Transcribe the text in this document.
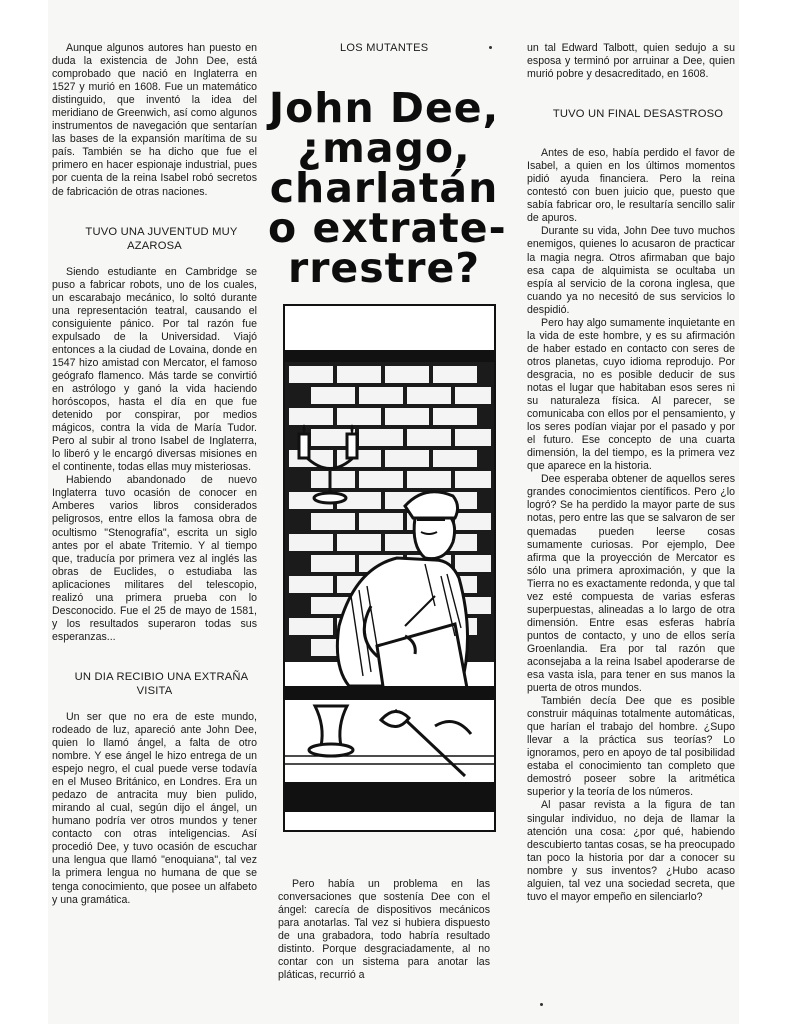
Aunque algunos autores han puesto en duda la existencia de John Dee, está comprobado que nació en Inglaterra en 1527 y murió en 1608. Fue un matemático distinguido, que inventó la idea del meridiano de Greenwich, así como algunos instrumentos de navegación que sentarían las bases de la expansión marítima de su país. También se ha dicho que fue el primero en hacer espionaje industrial, pues por cuenta de la reina Isabel robó secretos de fabricación de otras naciones.

TUVO UNA JUVENTUD MUY AZAROSA

Siendo estudiante en Cambridge se puso a fabricar robots, uno de los cuales, un escarabajo mecánico, lo soltó durante una representación teatral, causando el consiguiente pánico. Por tal razón fue expulsado de la Universidad. Viajó entonces a la ciudad de Lovaina, donde en 1547 hizo amistad con Mercator, el famoso geógrafo flamenco. Más tarde se convirtió en astrólogo y ganó la vida haciendo horóscopos, hasta el día en que fue detenido por conspirar, por medios mágicos, contra la vida de María Tudor. Pero al subir al trono Isabel de Inglaterra, lo liberó y le encargó diversas misiones en el continente, todas ellas muy misteriosas.

Habiendo abandonado de nuevo Inglaterra tuvo ocasión de conocer en Amberes varios libros considerados peligrosos, entre ellos la famosa obra de ocultismo "Stenografía", escrita un siglo antes por el abate Tritemio. Y al tiempo que, traducía por primera vez al inglés las obras de Euclides, o estudiaba las aplicaciones militares del telescopio, realizó una primera prueba con lo Desconocido. Fue el 25 de mayo de 1581, y los resultados superaron todas sus esperanzas...

UN DIA RECIBIO UNA EXTRAÑA VISITA

Un ser que no era de este mundo, rodeado de luz, apareció ante John Dee, quien lo llamó ángel, a falta de otro nombre. Y ese ángel le hizo entrega de un espejo negro, el cual puede verse todavía en el Museo Británico, en Londres. Era un pedazo de antracita muy bien pulido, mirando al cual, según dijo el ángel, un humano podría ver otros mundos y tener contacto con otras inteligencias. Así procedió Dee, y tuvo ocasión de escuchar una lengua que llamó "enoquiana", tal vez la primera lengua no humana de que se tenga conocimiento, que posee un alfabeto y una gramática.

LOS MUTANTES
John Dee,
¿mago,
charlatán
o extrate-
rrestre?

Pero había un problema en las conversaciones que sostenía Dee con el ángel: carecía de dispositivos mecánicos para anotarlas. Tal vez si hubiera dispuesto de una grabadora, todo habría resultado distinto. Porque desgraciadamente, al no contar con un sistema para anotar las pláticas, recurrió a

un tal Edward Talbott, quien sedujo a su esposa y terminó por arruinar a Dee, quien murió pobre y desacreditado, en 1608.

TUVO UN FINAL DESASTROSO

Antes de eso, había perdido el favor de Isabel, a quien en los últimos momentos pidió ayuda financiera. Pero la reina contestó con buen juicio que, puesto que sabía fabricar oro, le resultaría sencillo salir de apuros.

Durante su vida, John Dee tuvo muchos enemigos, quienes lo acusaron de practicar la magia negra. Otros afirmaban que bajo esa capa de alquimista se ocultaba un espía al servicio de la corona inglesa, que cuando ya no necesitó de sus servicios lo despidió.

Pero hay algo sumamente inquietante en la vida de este hombre, y es su afirmación de haber estado en contacto con seres de otros planetas, cuyo idioma reprodujo. Por desgracia, no es posible deducir de sus notas el lugar que habitaban esos seres ni su naturaleza física. Al parecer, se comunicaba con ellos por el pensamiento, y los seres podían viajar por el pasado y por el futuro. Ese concepto de una cuarta dimensión, la del tiempo, es la primera vez que aparece en la historia.

Dee esperaba obtener de aquellos seres grandes conocimientos científicos. Pero ¿lo logró? Se ha perdido la mayor parte de sus notas, pero entre las que se salvaron de ser quemadas pueden leerse cosas sumamente curiosas. Por ejemplo, Dee afirma que la proyección de Mercator es sólo una primera aproximación, y que la Tierra no es exactamente redonda, y que tal vez esté compuesta de varias esferas superpuestas, alineadas a lo largo de otra dimensión. Entre esas esferas habría puntos de contacto, y uno de ellos sería Groenlandia. Era por tal razón que aconsejaba a la reina Isabel apoderarse de esa vasta isla, para tener en sus manos la puerta de otros mundos.

También decía Dee que es posible construir máquinas totalmente automáticas, que harían el trabajo del hombre. ¿Supo llevar a la práctica sus teorías? Lo ignoramos, pero en apoyo de tal posibilidad estaba el conocimiento tan completo que demostró poseer sobre la aritmética superior y la teoría de los números.

Al pasar revista a la figura de tan singular individuo, no deja de llamar la atención una cosa: ¿por qué, habiendo descubierto tantas cosas, se ha preocupado tan poco la historia por dar a conocer su nombre y sus inventos? ¿Hubo acaso alguien, tal vez una sociedad secreta, que tuvo el mayor empeño en silenciarlo?
